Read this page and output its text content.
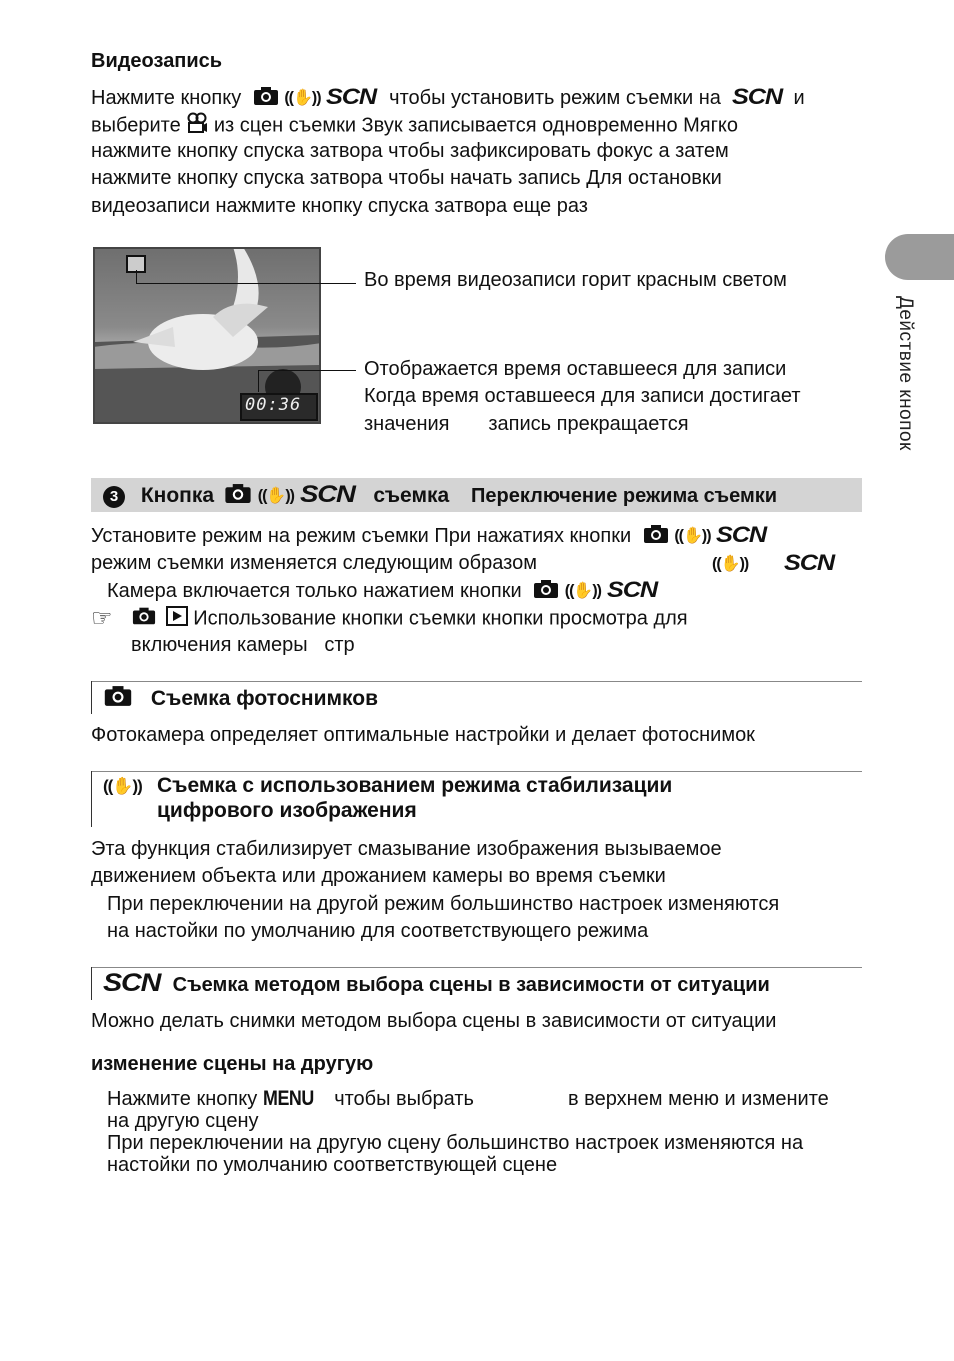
Действие кнопок
Видеозапись
Нажмите кнопку	((✋)) SCN чтобы установить режим съемки на SCN и
выберите из сцен съемки Звук записывается одновременно Мягко
нажмите кнопку спуска затвора чтобы зафиксировать фокус а затем
нажмите кнопку спуска затвора чтобы начать запись Для остановки
видеозаписи нажмите кнопку спуска затвора еще раз
00:36
Во время видеозаписи горит красным светом
Отображается время оставшееся для записи
Когда время оставшееся для записи достигает
значения       запись прекращается
3 Кнопка	((✋)) SCN съемка Переключение режима съемки
Установите режим на режим съемки При нажатиях кнопки	((✋)) SCN
режим съемки изменяется следующим образом	((✋)) SCN
Камера включается только нажатием кнопки	((✋)) SCN
☞	Использование кнопки съемки кнопки просмотра для
включения камеры   стр
Съемка фотоснимков
Фотокамера определяет оптимальные настройки и делает фотоснимок
((✋)) Съемка с использованием режима стабилизации
цифрового изображения
Эта функция стабилизирует смазывание изображения вызываемое
движением объекта или дрожанием камеры во время съемки
При переключении на другой режим большинство настроек изменяются
на настойки по умолчанию для соответствующего режима
SCN Съемка методом выбора сцены в зависимости от ситуации
Можно делать снимки методом выбора сцены в зависимости от ситуации
изменение сцены на другую
Нажмите кнопку MENU чтобы выбрать	в верхнем меню и измените
на другую сцену
При переключении на другую сцену большинство настроек изменяются на
настойки по умолчанию соответствующей сцене
